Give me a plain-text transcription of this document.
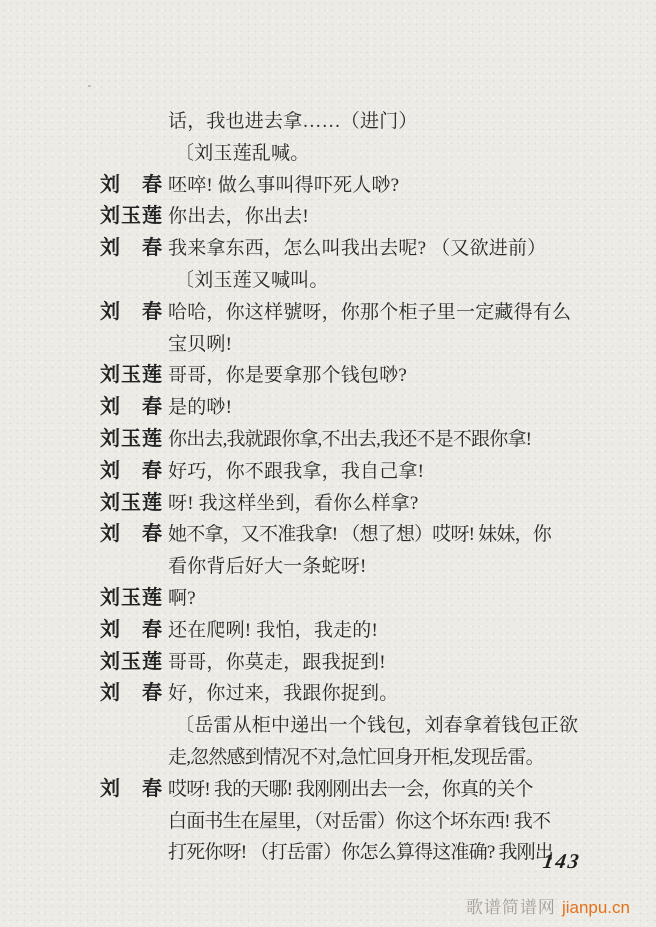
话，我也进去拿……（进门）
〔刘玉莲乱喊。
刘　春 呸啐! 做么事叫得吓死人唦?
刘玉莲 你出去，你出去!
刘　春 我来拿东西，怎么叫我出去呢? （又欲进前）
〔刘玉莲又喊叫。
刘　春 哈哈，你这样號呀，你那个柜子里一定藏得有么
宝贝咧!
刘玉莲 哥哥，你是要拿那个钱包唦?
刘　春 是的唦!
刘玉莲 你出去,我就跟你拿,不出去,我还不是不跟你拿!
刘　春 好巧，你不跟我拿，我自己拿!
刘玉莲 呀! 我这样坐到，看你么样拿?
刘　春 她不拿，又不准我拿! （想了想）哎呀! 妹妹，你
看你背后好大一条蛇呀!
刘玉莲 啊?
刘　春 还在爬咧! 我怕，我走的!
刘玉莲 哥哥，你莫走，跟我捉到!
刘　春 好，你过来，我跟你捉到。
〔岳雷从柜中递出一个钱包，刘春拿着钱包正欲
走,忽然感到情况不对,急忙回身开柜,发现岳雷。
刘　春 哎呀! 我的天哪! 我刚刚出去一会，你真的关个
白面书生在屋里，（对岳雷）你这个坏东西! 我不
打死你呀! （打岳雷）你怎么算得这准确? 我刚出
143
歌谱简谱网 jianpu.cn
